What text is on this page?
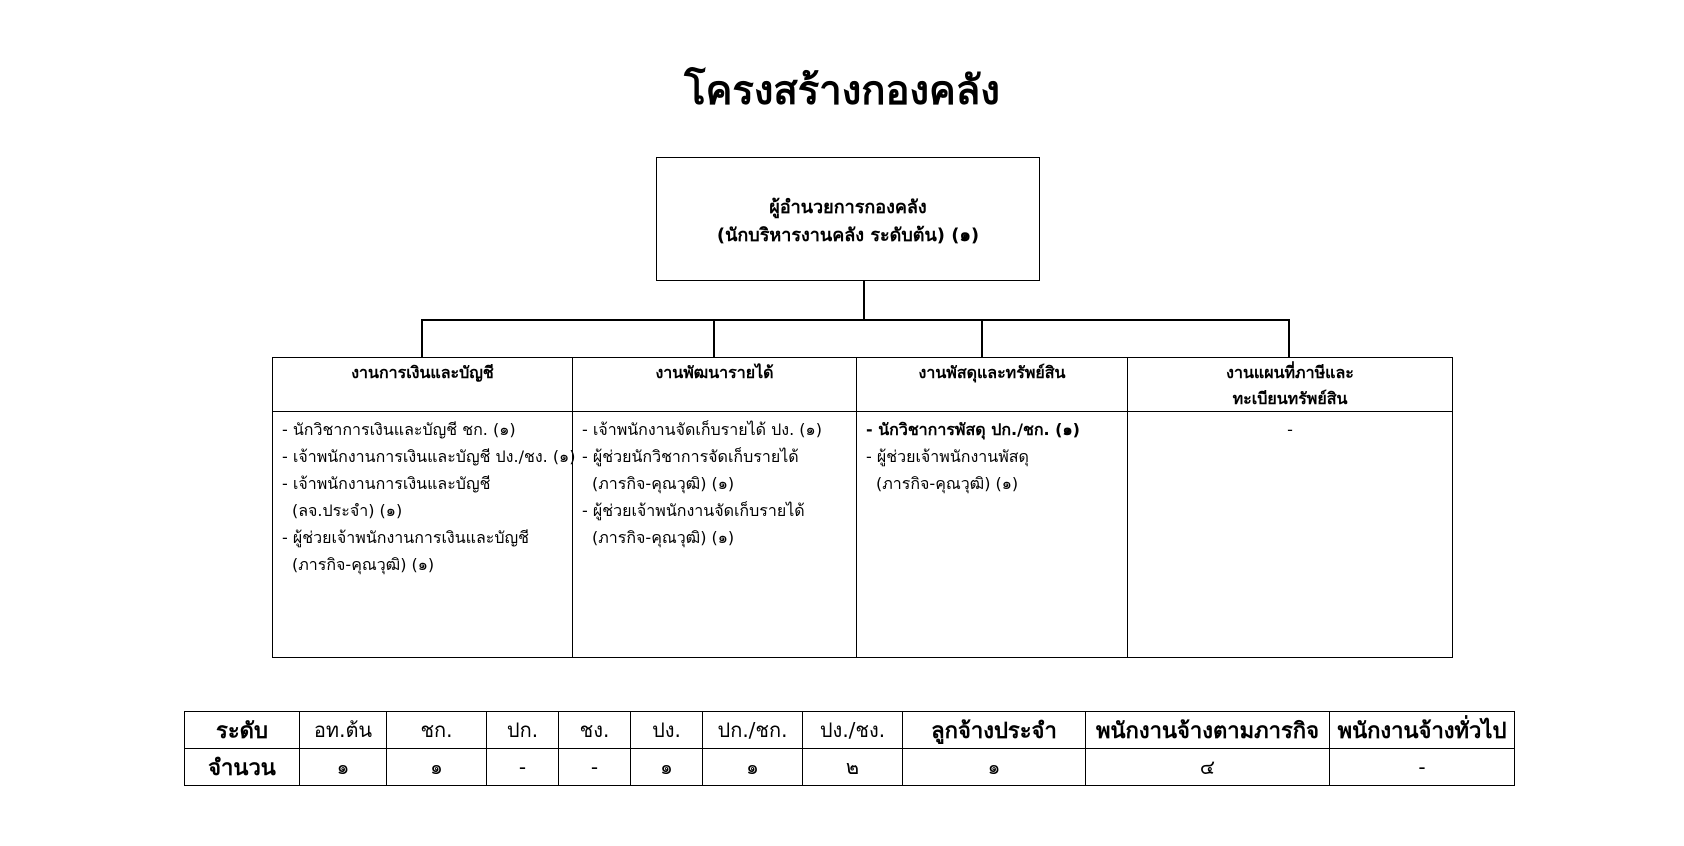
โครงสร้างกองคลัง
ผู้อำนวยการกองคลัง
(นักบริหารงานคลัง ระดับต้น) (๑)
งานการเงินและบัญชี
- นักวิชาการเงินและบัญชี ชก. (๑)
- เจ้าพนักงานการเงินและบัญชี ปง./ชง. (๑)
- เจ้าพนักงานการเงินและบัญชี
(ลจ.ประจำ) (๑)
- ผู้ช่วยเจ้าพนักงานการเงินและบัญชี
(ภารกิจ-คุณวุฒิ) (๑)
งานพัฒนารายได้
- เจ้าพนักงานจัดเก็บรายได้ ปง. (๑)
- ผู้ช่วยนักวิชาการจัดเก็บรายได้
(ภารกิจ-คุณวุฒิ) (๑)
- ผู้ช่วยเจ้าพนักงานจัดเก็บรายได้
(ภารกิจ-คุณวุฒิ) (๑)
งานพัสดุและทรัพย์สิน
- นักวิชาการพัสดุ ปก./ชก. (๑)
- ผู้ช่วยเจ้าพนักงานพัสดุ
(ภารกิจ-คุณวุฒิ) (๑)
งานแผนที่ภาษีและ
ทะเบียนทรัพย์สิน
-
ระดับ	อท.ต้น	ชก.	ปก.	ชง.	ปง.	ปก./ชก.	ปง./ชง.	ลูกจ้างประจำ	พนักงานจ้างตามภารกิจ	พนักงานจ้างทั่วไป
จำนวน	๑	๑	-	-	๑	๑	๒	๑	๔	-
